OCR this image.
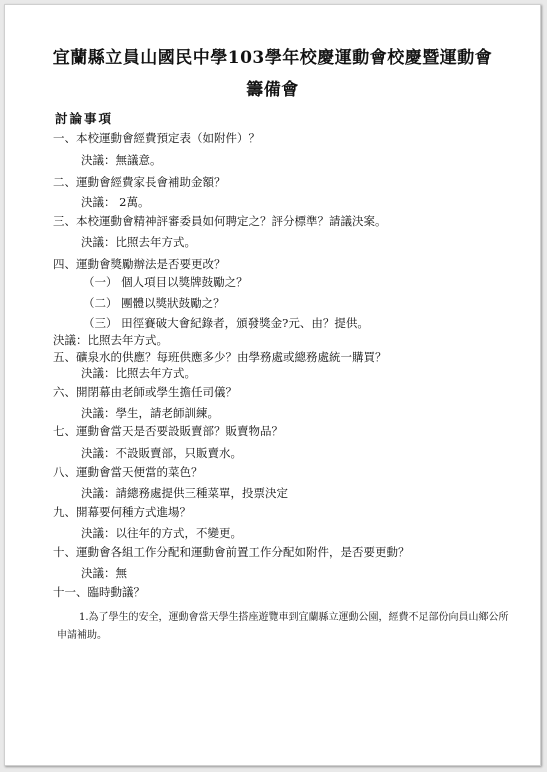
宜蘭縣立員山國民中學103學年校慶運動會校慶暨運動會
籌備會
討論事項
一、本校運動會經費預定表（如附件）？
決議：無議意。
二、運動會經費家長會補助金額？
決議： 2萬。
三、本校運動會精神評審委員如何聘定之？評分標準？請議決案。
決議：比照去年方式。
四、運動會獎勵辦法是否要更改？
（一） 個人項目以獎牌鼓勵之？
（二） 團體以獎狀鼓勵之？
（三） 田徑賽破大會紀錄者，頒發獎金?元、由？提供。
決議：比照去年方式。
五、礦泉水的供應？每班供應多少？由學務處或總務處統一購買？
決議：比照去年方式。
六、開閉幕由老師或學生擔任司儀？
決議：學生，請老師訓練。
七、運動會當天是否要設販賣部？販賣物品？
決議：不設販賣部，只販賣水。
八、運動會當天便當的菜色？
決議：請總務處提供三種菜單，投票決定
九、開幕要何種方式進場？
決議：以往年的方式，不變更。
十、運動會各組工作分配和運動會前置工作分配如附件，是否要更動？
決議：無
十一、臨時動議？
1.為了學生的安全，運動會當天學生搭座遊覽車到宜蘭縣立運動公園，經費不足部份向員山鄉公所申請補助。
